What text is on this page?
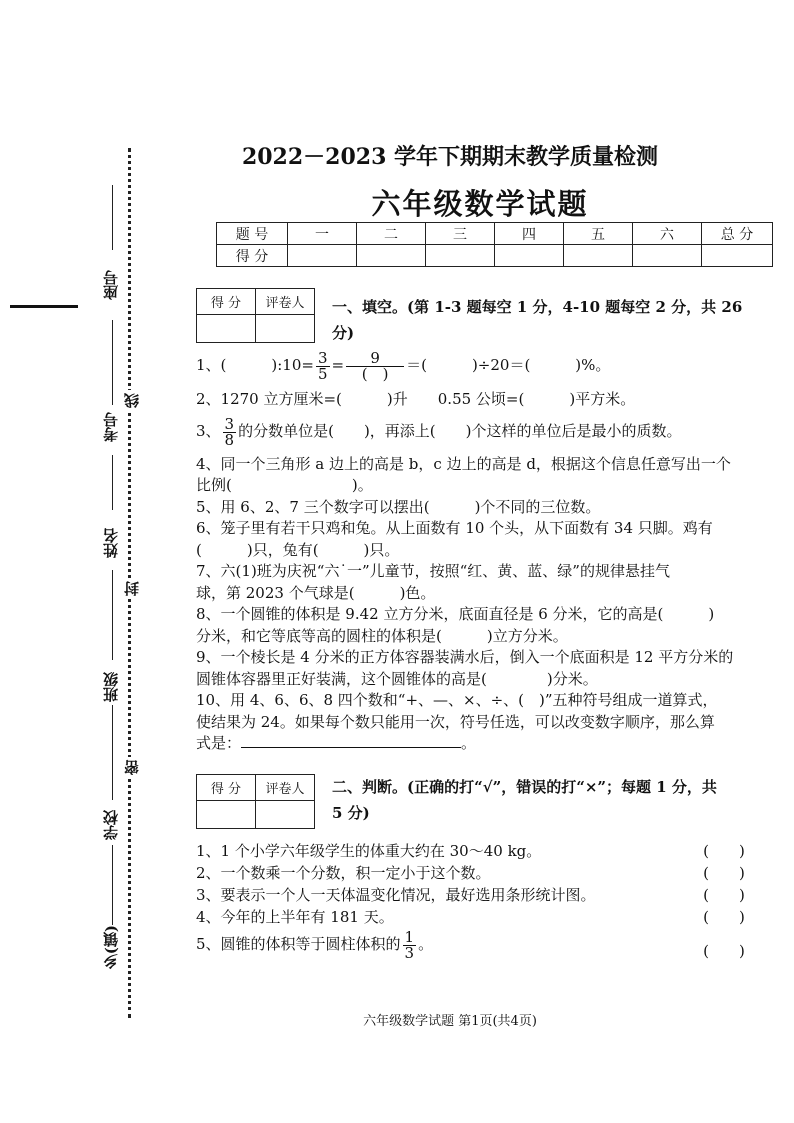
座号
考号
姓名
班级
学校
乡(镇)
线
封
密
2022－2023 学年下期期末教学质量检测
六年级数学试题
题 号	一	二	三	四	五	六	总 分
得 分							
得 分	评卷人
	一、填空。(第 1-3 题每空 1 分，4-10 题每空 2 分，共 26
分)
1、(　　　):10= $\frac{3}{5} = \frac{9}{( )}$ ＝(　　　)÷20＝(　　　)%。
2、1270 立方厘米=(　　　)升　　0.55 公顷=(　　　)平方米。
3、 $\frac{3}{8}$ 的分数单位是(　　)，再添上(　　)个这样的单位后是最小的质数。
4、同一个三角形 a 边上的高是 b，c 边上的高是 d，根据这个信息任意写出一个
比例(　　　　　　　　)。
5、用 6、2、7 三个数字可以摆出(　　　)个不同的三位数。
6、笼子里有若干只鸡和兔。从上面数有 10 个头，从下面数有 34 只脚。鸡有
(　　　)只，兔有(　　　)只。
7、六(1)班为庆祝“六˙一”儿童节，按照“红、黄、蓝、绿”的规律悬挂气
球，第 2023 个气球是(　　　)色。
8、一个圆锥的体积是 9.42 立方分米，底面直径是 6 分米，它的高是(　　　)
分米，和它等底等高的圆柱的体积是(　　　)立方分米。
9、一个棱长是 4 分米的正方体容器装满水后，倒入一个底面积是 12 平方分米的
圆锥体容器里正好装满，这个圆锥体的高是(　　　　)分米。
10、用 4、6、6、8 四个数和“+、—、×、÷、(　)”五种符号组成一道算式，
使结果为 24。如果每个数只能用一次，符号任选，可以改变数字顺序，那么算
式是：	。
得 分	评卷人
	二、判断。(正确的打“√”，错误的打“×”；每题 1 分，共
5 分)
1、1 个小学六年级学生的体重大约在 30～40 kg。	(　　)
2、一个数乘一个分数，积一定小于这个数。	(　　)
3、要表示一个人一天体温变化情况，最好选用条形统计图。	(　　)
4、今年的上半年有 181 天。	(　　)
5、圆锥的体积等于圆柱体积的 $\frac{1}{3}$ 。	(　　)
六年级数学试题 第1页(共4页)
